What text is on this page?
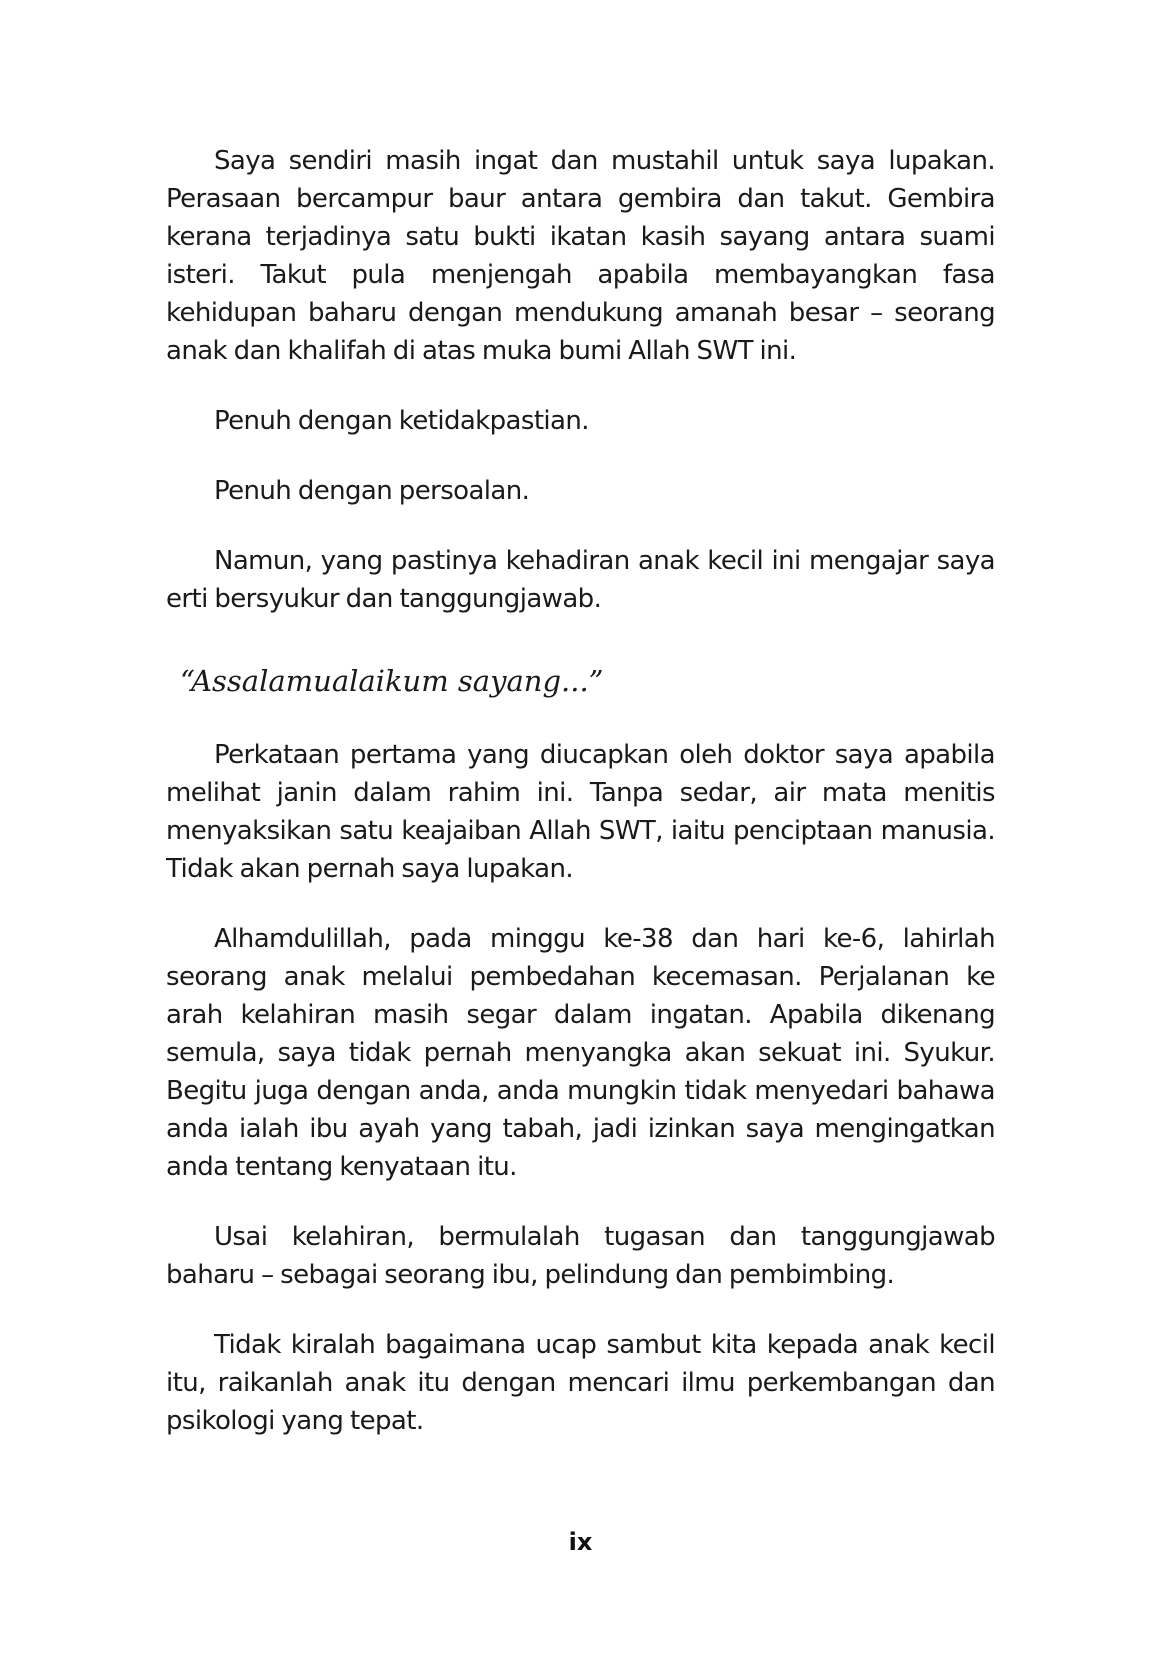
Saya sendiri masih ingat dan mustahil untuk saya lupakan. Perasaan bercampur baur antara gembira dan takut. Gembira kerana terjadinya satu bukti ikatan kasih sayang antara suami isteri. Takut pula menjengah apabila membayangkan fasa kehidupan baharu dengan mendukung amanah besar – seorang anak dan khalifah di atas muka bumi Allah SWT ini.

Penuh dengan ketidakpastian.

Penuh dengan persoalan.

Namun, yang pastinya kehadiran anak kecil ini mengajar saya erti bersyukur dan tanggungjawab.

“Assalamualaikum sayang...”

Perkataan pertama yang diucapkan oleh doktor saya apabila melihat janin dalam rahim ini. Tanpa sedar, air mata menitis menyaksikan satu keajaiban Allah SWT, iaitu penciptaan manusia. Tidak akan pernah saya lupakan.

Alhamdulillah, pada minggu ke-38 dan hari ke-6, lahirlah seorang anak melalui pembedahan kecemasan. Perjalanan ke arah kelahiran masih segar dalam ingatan. Apabila dikenang semula, saya tidak pernah menyangka akan sekuat ini. Syukur. Begitu juga dengan anda, anda mungkin tidak menyedari bahawa anda ialah ibu ayah yang tabah, jadi izinkan saya mengingatkan anda tentang kenyataan itu.

Usai kelahiran, bermulalah tugasan dan tanggungjawab baharu – sebagai seorang ibu, pelindung dan pembimbing.

Tidak kiralah bagaimana ucap sambut kita kepada anak kecil itu, raikanlah anak itu dengan mencari ilmu perkembangan dan psikologi yang tepat.

ix
